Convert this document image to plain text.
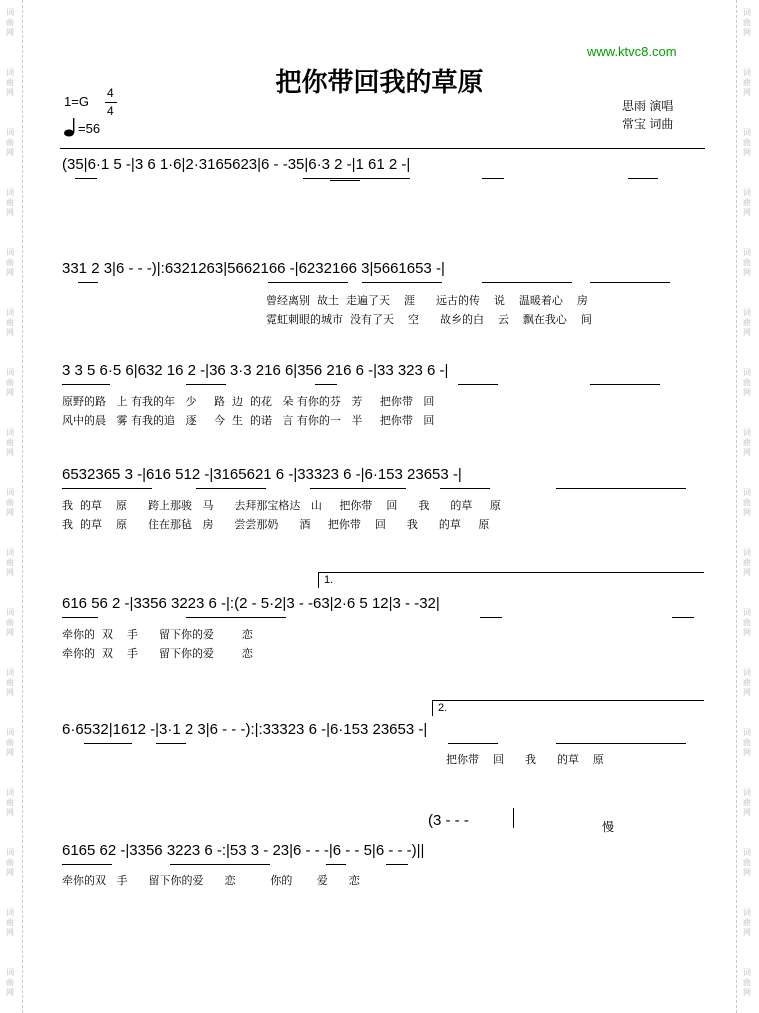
词
曲
网
词
曲
网
词
曲
网
词
曲
网
词
曲
网
词
曲
网
词
曲
网
词
曲
网
词
曲
网
词
曲
网
词
曲
网
词
曲
网
词
曲
网
词
曲
网
词
曲
网
词
曲
网
词
曲
网
词
曲
网
词
曲
网
词
曲
网
词
曲
网
词
曲
网
词
曲
网
词
曲
网
词
曲
网
词
曲
网
词
曲
网
词
曲
网
词
曲
网
词
曲
网
词
曲
网
词
曲
网
词
曲
网
词
曲
网
www.ktvc8.com
把你带回我的草原
1=G
4
4
=56
思雨 演唱
常宝 词曲
(35|6·1 5 -|3 6 1·6|2·3165623|6 - -35|6·3 2 -|1 61 2 -|
331 2 3|6 - - -)|:6321263|5662166 -|6232166 3|5661653 -|
曾经离别  故土  走遍了天    涯      远古的传    说    温暖着心    房
霓虹刺眼的城市  没有了天    空      故乡的白    云    飘在我心    间
3 3 5 6·5 6|632 16 2 -|36 3·3 216 6|356 216 6 -|33 323 6 -|
原野的路   上 有我的年   少     路  边  的花   朵 有你的芬   芳     把你带   回
风中的晨   雾 有我的追   逐     今  生  的诺   言 有你的一   半     把你带   回
6532365 3 -|616 512 -|3165621 6 -|33323 6 -|6·153 23653 -|
我  的草    原      跨上那骏   马      去拜那宝格达   山     把你带    回      我      的草     原
我  的草    原      住在那毡   房      尝尝那奶      酒     把你带    回      我      的草     原
1.
616 56 2 -|3356 3223 6 -|:(2 - 5·2|3 - -63|2·6 5 12|3 - -32|
牵你的  双    手      留下你的爱        恋
牵你的  双    手      留下你的爱        恋
2.
6·6532|1612 -|3·1 2 3|6 - - -):|:33323 6 -|6·153 23653 -|
把你带    回      我      的草    原
(3 - - -	慢
6165 62 -|3356 3223 6 -:|53 3 - 23|6 - - -|6 - - 5|6 - - -)||
牵你的双   手      留下你的爱      恋          你的       爱      恋
